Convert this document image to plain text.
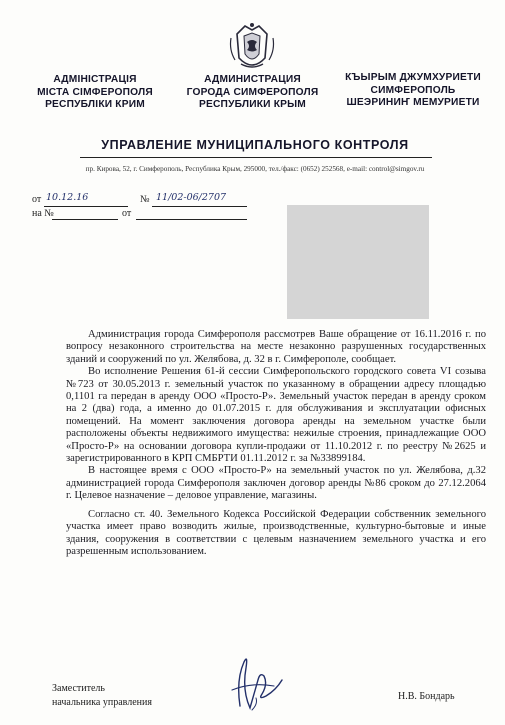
АДМІНІСТРАЦІЯ
МІСТА СІМФЕРОПОЛЯ
РЕСПУБЛІКИ КРИМ
АДМИНИСТРАЦИЯ
ГОРОДА СИМФЕРОПОЛЯ
РЕСПУБЛИКИ КРЫМ
КЪЫРЫМ ДЖУМХУРИЕТИ
СИМФЕРОПОЛЬ
ШЕЭРИНИҤ МЕМУРИЕТИ
УПРАВЛЕНИЕ МУНИЦИПАЛЬНОГО КОНТРОЛЯ
пр. Кирова, 52, г. Симферополь, Республика Крым, 295000, тел./факс: (0652) 252568, e-mail: control@simgov.ru
от 10.12.16	№ 11/02-06/2707
на №	от

Администрация города Симферополя рассмотрев Ваше обращение от 16.11.2016 г. по вопросу незаконного строительства на месте незаконно разрушенных государственных зданий и сооружений по ул. Желябова, д. 32 в г. Симферополе, сообщает.

Во исполнение Решения 61-й сессии Симферопольского городского совета VI созыва №723 от 30.05.2013 г. земельный участок по указанному в обращении адресу площадью 0,1101 га передан в аренду ООО «Просто-Р». Земельный участок передан в аренду сроком на 2 (два) года, а именно до 01.07.2015 г. для обслуживания и эксплуатации офисных помещений. На момент заключения договора аренды на земельном участке были расположены объекты недвижимого имущества: нежилые строения, принадлежащие ООО «Просто-Р» на основании договора купли-продажи от 11.10.2012 г. по реестру №2625 и зарегистрированного в КРП СМБРТИ 01.11.2012 г. за №33899184.

В настоящее время с ООО «Просто-Р» на земельный участок по ул. Желябова, д.32 администрацией города Симферополя заключен договор аренды №86 сроком до 27.12.2064 г. Целевое назначение – деловое управление, магазины.

Согласно ст. 40. Земельного Кодекса Российской Федерации собственник земельного участка имеет право возводить жилые, производственные, культурно-бытовые и иные здания, сооружения в соответствии с целевым назначением земельного участка и его разрешенным использованием.

Заместитель
начальника управления
Н.В. Бондарь
